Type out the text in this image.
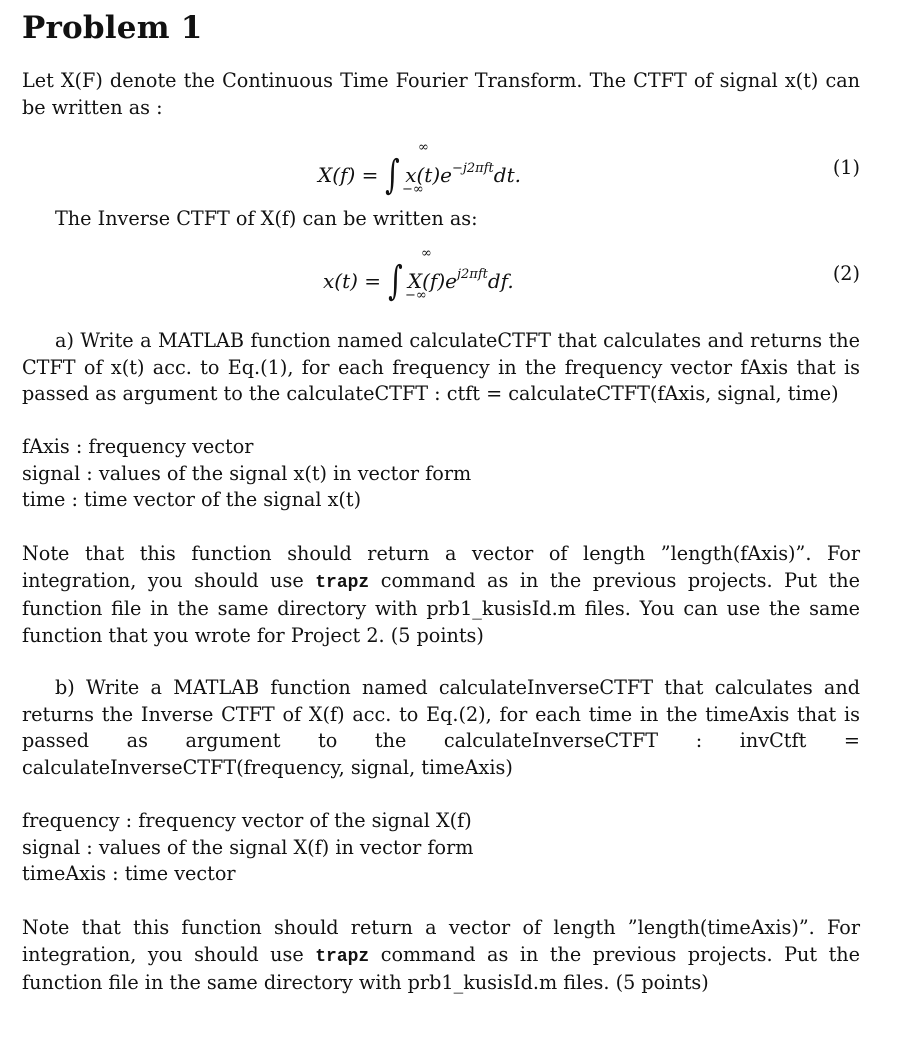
Problem 1

Let X(F) denote the Continuous Time Fourier Transform. The CTFT of signal x(t) can be written as :

X(f) = ∫ $x(t)e^{-j2\pi ft}dt$.
∞
−∞
(1)

The Inverse CTFT of X(f) can be written as:

x(t) = ∫ $X(f)e^{j2\pi ft}df$.
∞
−∞
(2)

a) Write a MATLAB function named calculateCTFT that calculates and returns the CTFT of x(t) acc. to Eq.(1), for each frequency in the frequency vector fAxis that is passed as argument to the calculateCTFT : ctft = calculateCTFT(fAxis, signal, time)

fAxis : frequency vector
signal : values of the signal x(t) in vector form
time : time vector of the signal x(t)

Note that this function should return a vector of length ”length(fAxis)”. For integration, you should use trapz command as in the previous projects. Put the function file in the same directory with prb1_kusisId.m files. You can use the same function that you wrote for Project 2. (5 points)

b) Write a MATLAB function named calculateInverseCTFT that calculates and returns the Inverse CTFT of X(f) acc. to Eq.(2), for each time in the timeAxis that is passed as argument to the calculateInverseCTFT : invCtft = calculateInverseCTFT(frequency, signal, timeAxis)

frequency : frequency vector of the signal X(f)
signal : values of the signal X(f) in vector form
timeAxis : time vector

Note that this function should return a vector of length ”length(timeAxis)”. For integration, you should use trapz command as in the previous projects. Put the function file in the same directory with prb1_kusisId.m files. (5 points)
